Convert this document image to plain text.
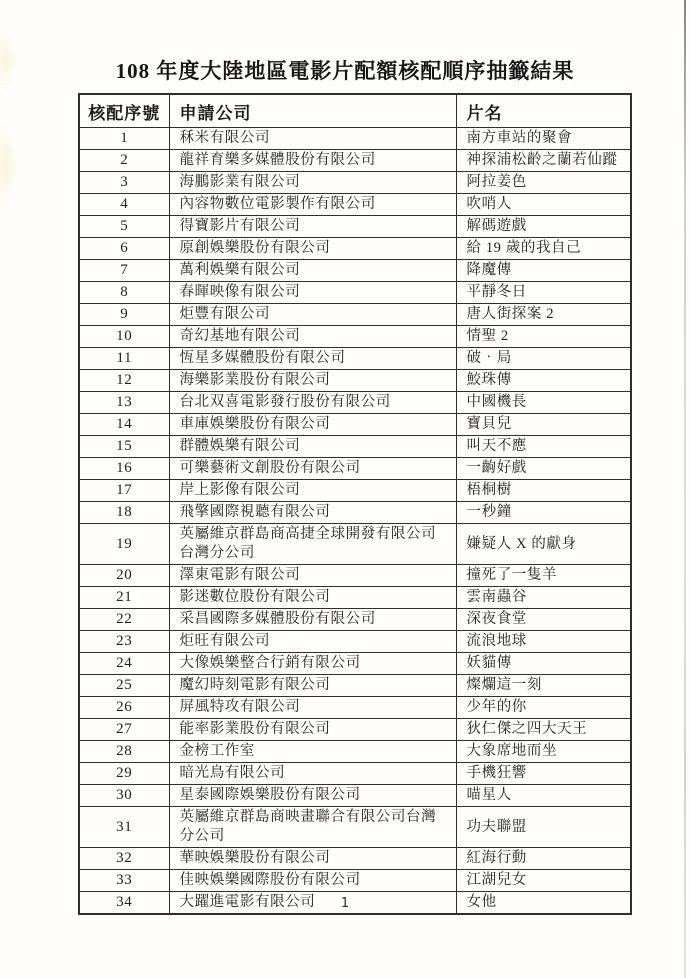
108 年度大陸地區電影片配額核配順序抽籤結果
核配序號	申請公司	片名
1	秝米有限公司	南方車站的聚會
2	龍祥育樂多媒體股份有限公司	神探浦松齡之蘭若仙蹤
3	海鵬影業有限公司	阿拉姜色
4	內容物數位電影製作有限公司	吹哨人
5	得寶影片有限公司	解碼遊戲
6	原創娛樂股份有限公司	給 19 歲的我自己
7	萬利娛樂有限公司	降魔傳
8	春暉映像有限公司	平靜冬日
9	炬豐有限公司	唐人街探案 2
10	奇幻基地有限公司	情聖 2
11	恆星多媒體股份有限公司	破‧局
12	海樂影業股份有限公司	鮫珠傳
13	台北双喜電影發行股份有限公司	中國機長
14	車庫娛樂股份有限公司	寶貝兒
15	群體娛樂有限公司	叫天不應
16	可樂藝術文創股份有限公司	一齣好戲
17	岸上影像有限公司	梧桐樹
18	飛擎國際視聽有限公司	一秒鐘
19	英屬維京群島商高捷全球開發有限公司台灣分公司	嫌疑人 X 的獻身
20	澤東電影有限公司	撞死了一隻羊
21	影迷數位股份有限公司	雲南蟲谷
22	采昌國際多媒體股份有限公司	深夜食堂
23	炬旺有限公司	流浪地球
24	大像娛樂整合行銷有限公司	妖貓傳
25	魔幻時刻電影有限公司	燦爛這一刻
26	屏風特攻有限公司	少年的你
27	能率影業股份有限公司	狄仁傑之四大天王
28	金榜工作室	大象席地而坐
29	暗光鳥有限公司	手機狂響
30	星泰國際娛樂股份有限公司	喵星人
31	英屬維京群島商映畫聯合有限公司台灣分公司	功夫聯盟
32	華映娛樂股份有限公司	紅海行動
33	佳映娛樂國際股份有限公司	江湖兒女
34	大躍進電影有限公司	女他
1
